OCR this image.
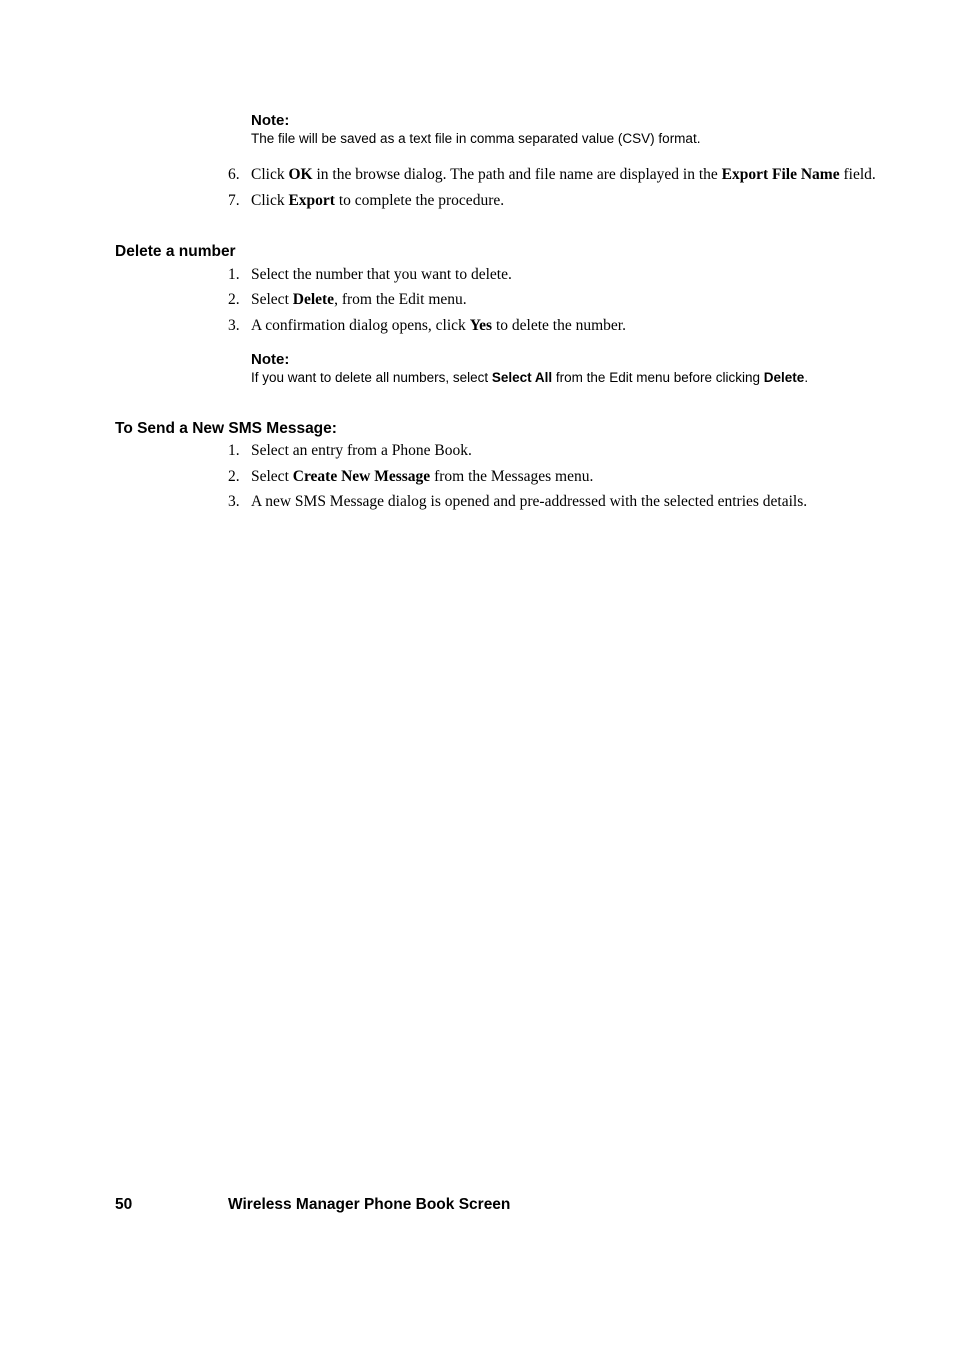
Note:
The file will be saved as a text file in comma separated value (CSV) format.
6. Click OK in the browse dialog. The path and file name are displayed in the Export File Name field.
7. Click Export to complete the procedure.
Delete a number
1. Select the number that you want to delete.
2. Select Delete, from the Edit menu.
3. A confirmation dialog opens, click Yes to delete the number.
Note:
If you want to delete all numbers, select Select All from the Edit menu before clicking Delete.
To Send a New SMS Message:
1. Select an entry from a Phone Book.
2. Select Create New Message from the Messages menu.
3. A new SMS Message dialog is opened and pre-addressed with the selected entries details.
50	Wireless Manager Phone Book Screen
